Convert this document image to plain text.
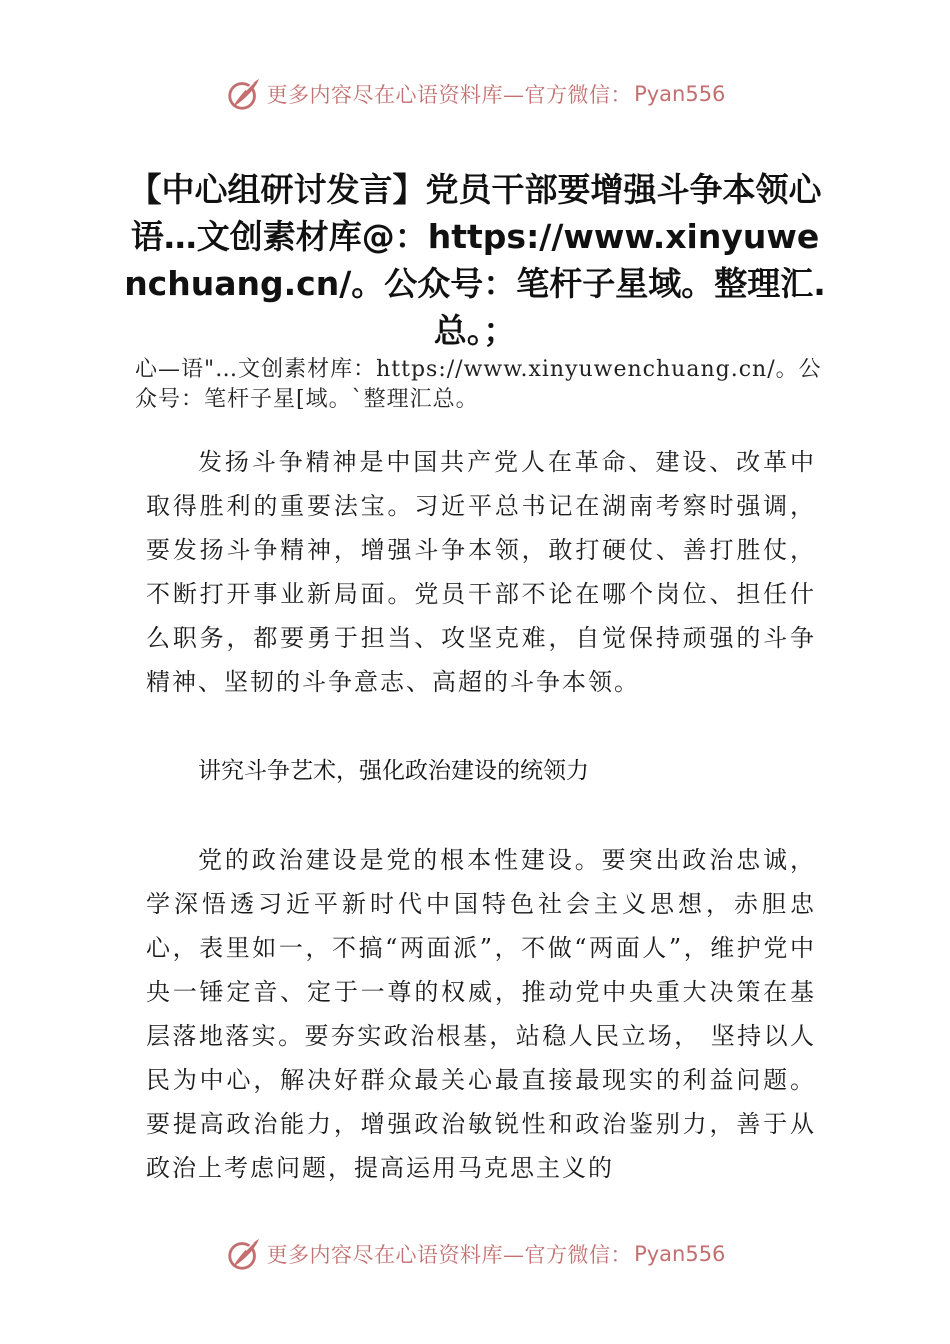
更多内容尽在心语资料库—官方微信： Pyan556
【中心组研讨发言】党员干部要增强斗争本领心语…文创素材库@：https://www.xinyuwenchuang.cn/。公众号：笔杆子星域。整理汇.总。；
心—语"…文创素材库：https://www.xinyuwenchuang.cn/。公众号：笔杆子星[域。`整理汇总。
发扬斗争精神是中国共产党人在革命、建设、改革中取得胜利的重要法宝。习近平总书记在湖南考察时强调，要发扬斗争精神，增强斗争本领，敢打硬仗、善打胜仗，不断打开事业新局面。党员干部不论在哪个岗位、担任什么职务，都要勇于担当、攻坚克难，自觉保持顽强的斗争精神、坚韧的斗争意志、高超的斗争本领。
讲究斗争艺术，强化政治建设的统领力
党的政治建设是党的根本性建设。要突出政治忠诚，学深悟透习近平新时代中国特色社会主义思想，赤胆忠心，表里如一，不搞“两面派”，不做“两面人”，维护党中央一锤定音、定于一尊的权威，推动党中央重大决策在基层落地落实。要夯实政治根基，站稳人民立场， 坚持以人民为中心，解决好群众最关心最直接最现实的利益问题。要提高政治能力，增强政治敏锐性和政治鉴别力，善于从政治上考虑问题，提高运用马克思主义的
更多内容尽在心语资料库—官方微信： Pyan556
